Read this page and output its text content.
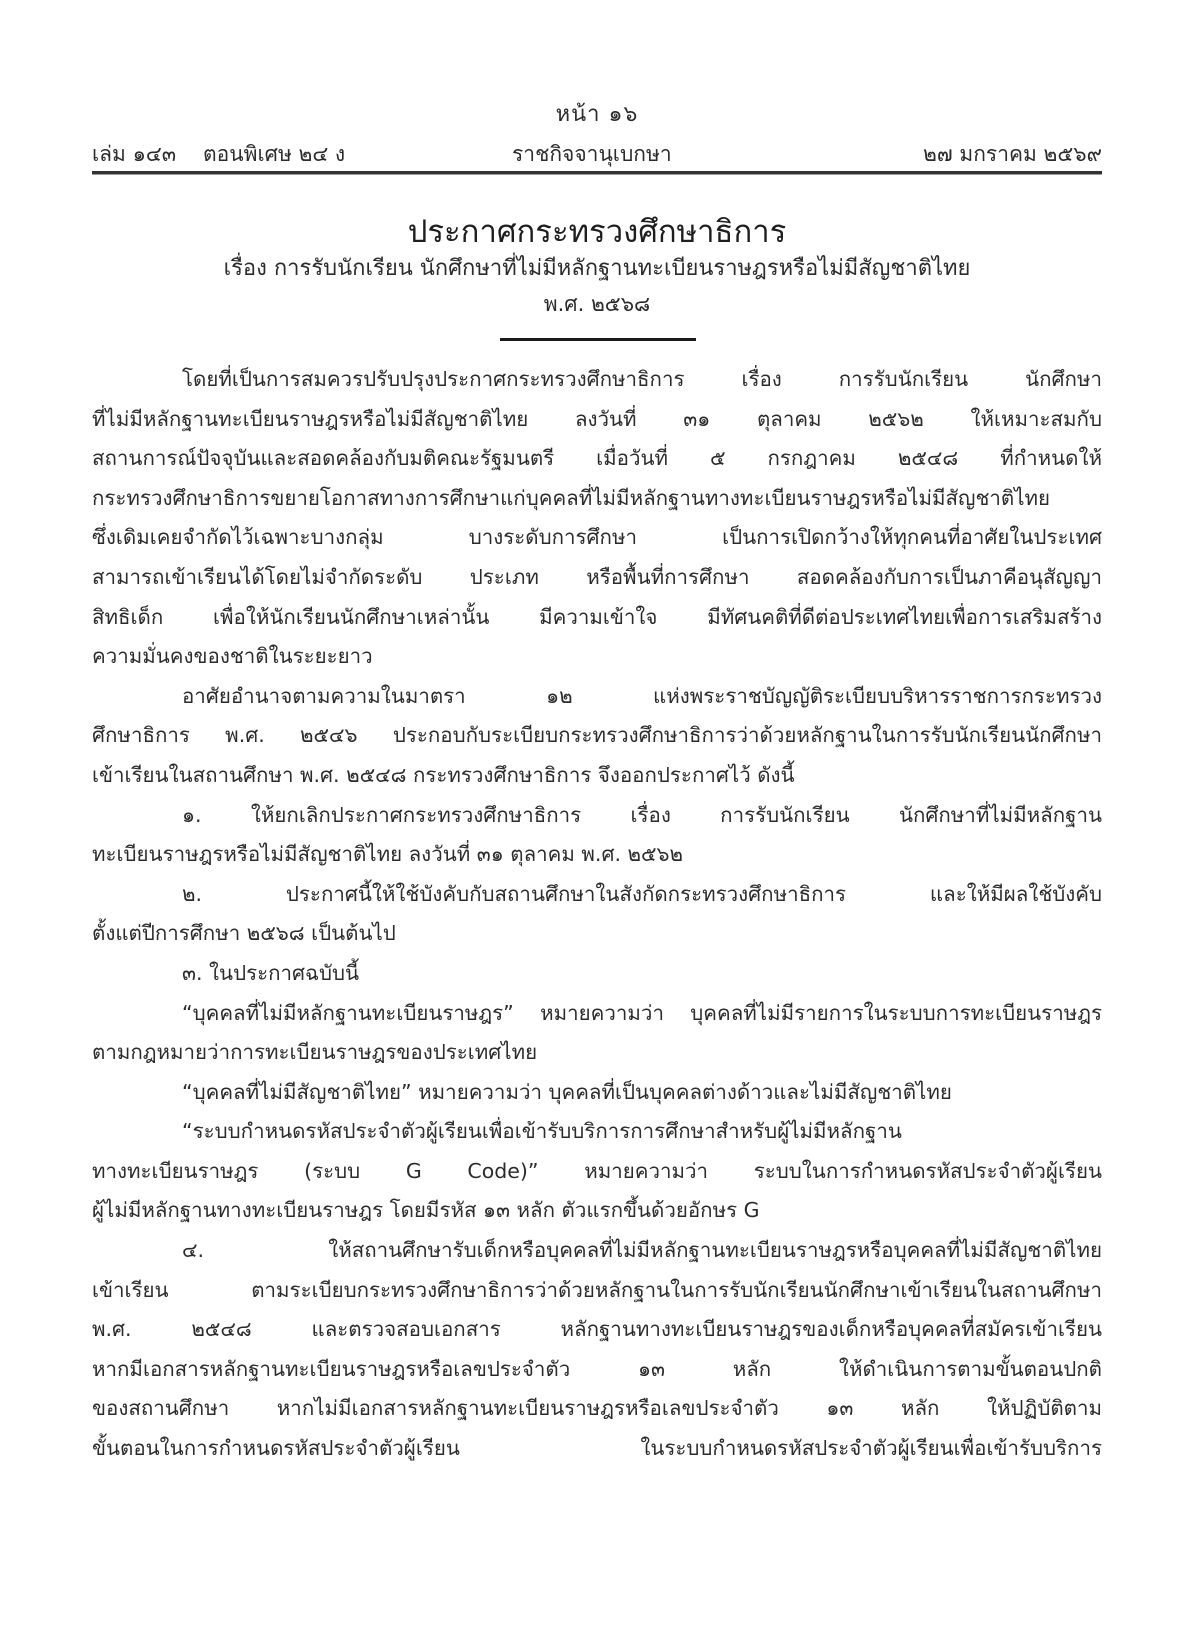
หน้า ๑๖
เล่ม ๑๔๓ ตอนพิเศษ ๒๔ ง	ราชกิจจานุเบกษา	๒๗ มกราคม ๒๕๖๙
ประกาศกระทรวงศึกษาธิการ
เรื่อง การรับนักเรียน นักศึกษาที่ไม่มีหลักฐานทะเบียนราษฎรหรือไม่มีสัญชาติไทย
พ.ศ. ๒๕๖๘
โดยที่เป็นการสมควรปรับปรุงประกาศกระทรวงศึกษาธิการ เรื่อง การรับนักเรียน นักศึกษา
ที่ไม่มีหลักฐานทะเบียนราษฎรหรือไม่มีสัญชาติไทย ลงวันที่ ๓๑ ตุลาคม ๒๕๖๒ ให้เหมาะสมกับ
สถานการณ์ปัจจุบันและสอดคล้องกับมติคณะรัฐมนตรี เมื่อวันที่ ๕ กรกฎาคม ๒๕๔๘ ที่กำหนดให้
กระทรวงศึกษาธิการขยายโอกาสทางการศึกษาแก่บุคคลที่ไม่มีหลักฐานทางทะเบียนราษฎรหรือไม่มีสัญชาติไทย
ซึ่งเดิมเคยจำกัดไว้เฉพาะบางกลุ่ม บางระดับการศึกษา เป็นการเปิดกว้างให้ทุกคนที่อาศัยในประเทศ
สามารถเข้าเรียนได้โดยไม่จำกัดระดับ ประเภท หรือพื้นที่การศึกษา สอดคล้องกับการเป็นภาคีอนุสัญญา
สิทธิเด็ก เพื่อให้นักเรียนนักศึกษาเหล่านั้น มีความเข้าใจ มีทัศนคติที่ดีต่อประเทศไทยเพื่อการเสริมสร้าง
ความมั่นคงของชาติในระยะยาว
อาศัยอำนาจตามความในมาตรา ๑๒ แห่งพระราชบัญญัติระเบียบบริหารราชการกระทรวง
ศึกษาธิการ พ.ศ. ๒๕๔๖ ประกอบกับระเบียบกระทรวงศึกษาธิการว่าด้วยหลักฐานในการรับนักเรียนนักศึกษา
เข้าเรียนในสถานศึกษา พ.ศ. ๒๕๔๘ กระทรวงศึกษาธิการ จึงออกประกาศไว้ ดังนี้
๑. ให้ยกเลิกประกาศกระทรวงศึกษาธิการ เรื่อง การรับนักเรียน นักศึกษาที่ไม่มีหลักฐาน
ทะเบียนราษฎรหรือไม่มีสัญชาติไทย ลงวันที่ ๓๑ ตุลาคม พ.ศ. ๒๕๖๒
๒. ประกาศนี้ให้ใช้บังคับกับสถานศึกษาในสังกัดกระทรวงศึกษาธิการ และให้มีผลใช้บังคับ
ตั้งแต่ปีการศึกษา ๒๕๖๘ เป็นต้นไป
๓. ในประกาศฉบับนี้
“บุคคลที่ไม่มีหลักฐานทะเบียนราษฎร” หมายความว่า บุคคลที่ไม่มีรายการในระบบการทะเบียนราษฎร
ตามกฎหมายว่าการทะเบียนราษฎรของประเทศไทย
“บุคคลที่ไม่มีสัญชาติไทย” หมายความว่า บุคคลที่เป็นบุคคลต่างด้าวและไม่มีสัญชาติไทย
“ระบบกำหนดรหัสประจำตัวผู้เรียนเพื่อเข้ารับบริการการศึกษาสำหรับผู้ไม่มีหลักฐาน
ทางทะเบียนราษฎร (ระบบ G Code)” หมายความว่า ระบบในการกำหนดรหัสประจำตัวผู้เรียน
ผู้ไม่มีหลักฐานทางทะเบียนราษฎร โดยมีรหัส ๑๓ หลัก ตัวแรกขึ้นด้วยอักษร G
๔. ให้สถานศึกษารับเด็กหรือบุคคลที่ไม่มีหลักฐานทะเบียนราษฎรหรือบุคคลที่ไม่มีสัญชาติไทย
เข้าเรียน ตามระเบียบกระทรวงศึกษาธิการว่าด้วยหลักฐานในการรับนักเรียนนักศึกษาเข้าเรียนในสถานศึกษา
พ.ศ. ๒๕๔๘ และตรวจสอบเอกสาร หลักฐานทางทะเบียนราษฎรของเด็กหรือบุคคลที่สมัครเข้าเรียน
หากมีเอกสารหลักฐานทะเบียนราษฎรหรือเลขประจำตัว ๑๓ หลัก ให้ดำเนินการตามขั้นตอนปกติ
ของสถานศึกษา หากไม่มีเอกสารหลักฐานทะเบียนราษฎรหรือเลขประจำตัว ๑๓ หลัก ให้ปฏิบัติตาม
ขั้นตอนในการกำหนดรหัสประจำตัวผู้เรียน ในระบบกำหนดรหัสประจำตัวผู้เรียนเพื่อเข้ารับบริการ
